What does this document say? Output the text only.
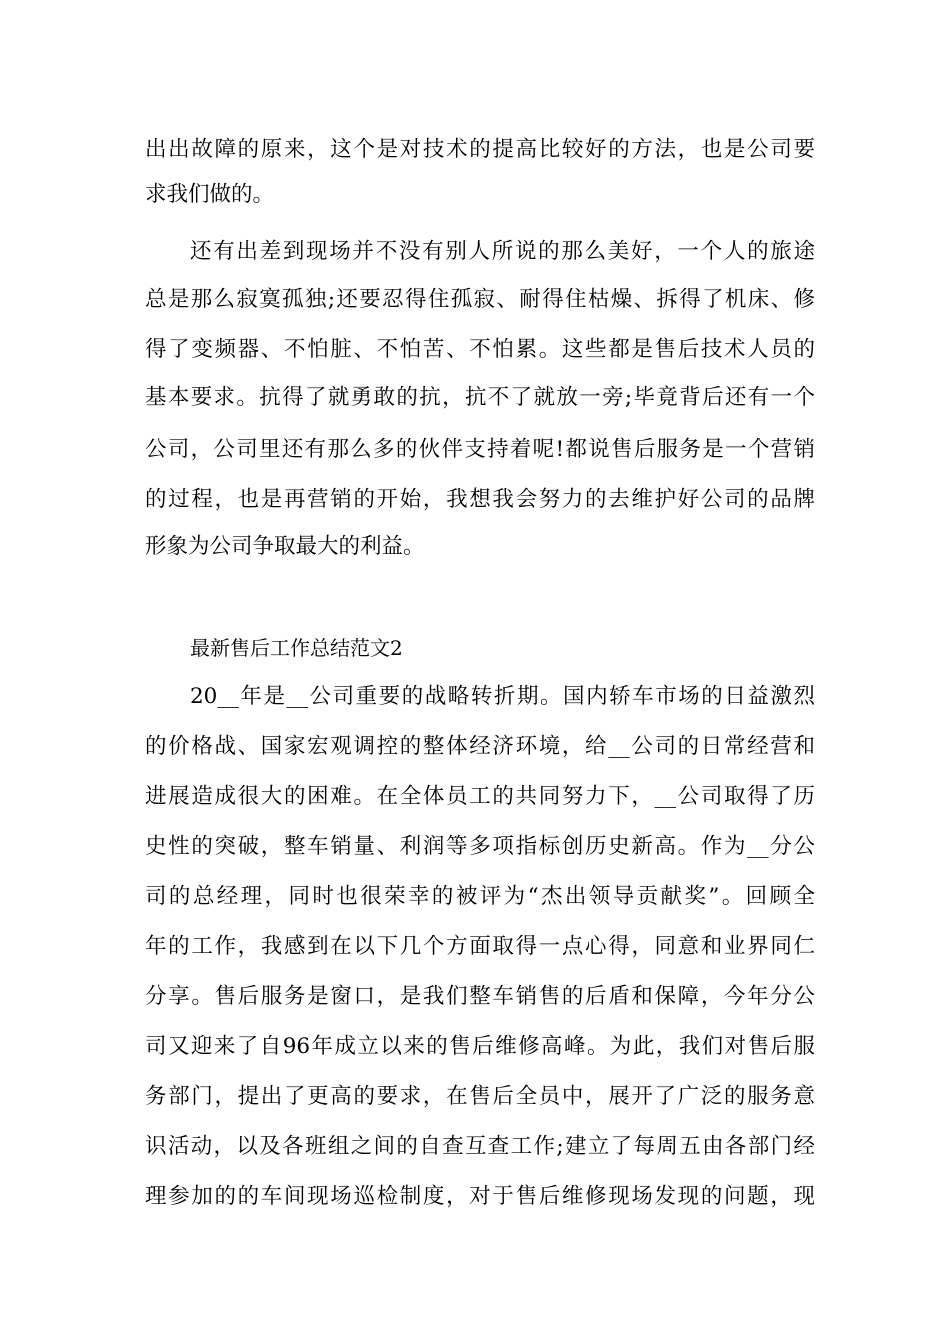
出出故障的原来，这个是对技术的提高比较好的方法，也是公司要
求我们做的。
还有出差到现场并不没有别人所说的那么美好，一个人的旅途
总是那么寂寞孤独;还要忍得住孤寂、耐得住枯燥、拆得了机床、修
得了变频器、不怕脏、不怕苦、不怕累。这些都是售后技术人员的
基本要求。抗得了就勇敢的抗，抗不了就放一旁;毕竟背后还有一个
公司，公司里还有那么多的伙伴支持着呢!都说售后服务是一个营销
的过程，也是再营销的开始，我想我会努力的去维护好公司的品牌
形象为公司争取最大的利益。
最新售后工作总结范文2
20__年是__公司重要的战略转折期。国内轿车市场的日益激烈
的价格战、国家宏观调控的整体经济环境，给__公司的日常经营和
进展造成很大的困难。在全体员工的共同努力下，__公司取得了历
史性的突破，整车销量、利润等多项指标创历史新高。作为__分公
司的总经理，同时也很荣幸的被评为“杰出领导贡献奖”。回顾全
年的工作，我感到在以下几个方面取得一点心得，同意和业界同仁
分享。售后服务是窗口，是我们整车销售的后盾和保障，今年分公
司又迎来了自96年成立以来的售后维修高峰。为此，我们对售后服
务部门，提出了更高的要求，在售后全员中，展开了广泛的服务意
识活动，以及各班组之间的自查互查工作;建立了每周五由各部门经
理参加的的车间现场巡检制度，对于售后维修现场发现的问题，现
